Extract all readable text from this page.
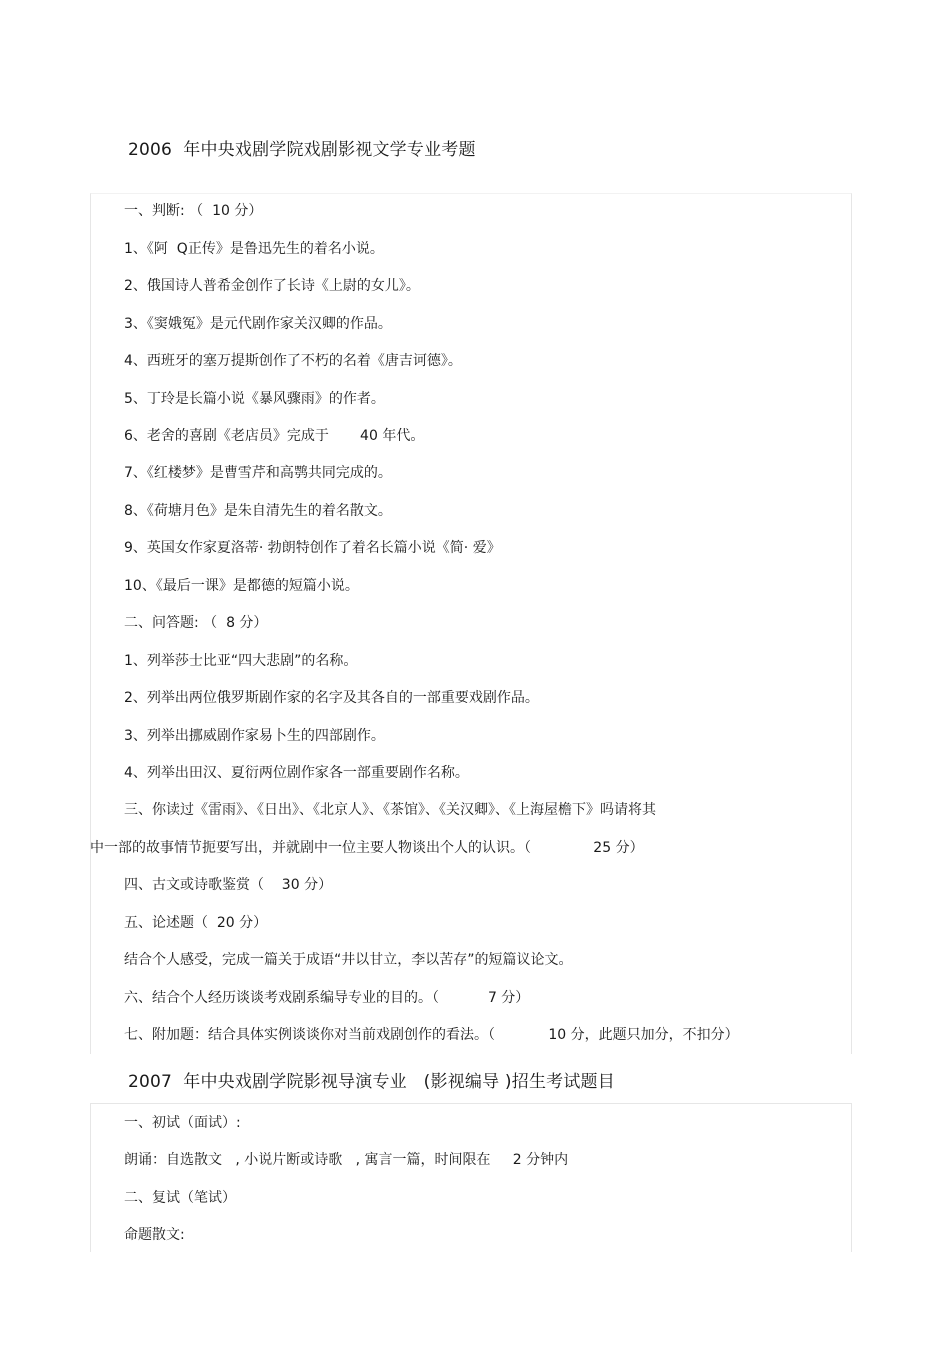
2006  年中央戏剧学院戏剧影视文学专业考题
一、判断: （  10 分）
1、《阿  Q正传》是鲁迅先生的着名小说。
2、俄国诗人普希金创作了长诗《上尉的女儿》。
3、《窦娥冤》是元代剧作家关汉卿的作品。
4、西班牙的塞万提斯创作了不朽的名着《唐吉诃德》。
5、丁玲是长篇小说《暴风骤雨》的作者。
6、老舍的喜剧《老店员》完成于       40 年代。
7、《红楼梦》是曹雪芹和高鹗共同完成的。
8、《荷塘月色》是朱自清先生的着名散文。
9、英国女作家夏洛蒂· 勃朗特创作了着名长篇小说《简· 爱》
10、《最后一课》是都德的短篇小说。
二、问答题: （  8 分）
1、列举莎士比亚“四大悲剧”的名称。
2、列举出两位俄罗斯剧作家的名字及其各自的一部重要戏剧作品。
3、列举出挪威剧作家易卜生的四部剧作。
4、列举出田汉、夏衍两位剧作家各一部重要剧作名称。
三、你读过《雷雨》、《日出》、《北京人》、《茶馆》、《关汉卿》、《上海屋檐下》吗请将其
中一部的故事情节扼要写出，并就剧中一位主要人物谈出个人的认识。（              25 分）
四、古文或诗歌鉴赏（    30 分）
五、论述题（  20 分）
结合个人感受，完成一篇关于成语“井以甘立，李以苦存”的短篇议论文。
六、结合个人经历谈谈考戏剧系编导专业的目的。（           7 分）
七、附加题：结合具体实例谈谈你对当前戏剧创作的看法。（            10 分，此题只加分，不扣分）
2007  年中央戏剧学院影视导演专业   (影视编导 )招生考试题目
一、初试（面试）:
朗诵：自选散文   , 小说片断或诗歌   , 寓言一篇，时间限在     2 分钟内
二、复试（笔试）
命题散文:
